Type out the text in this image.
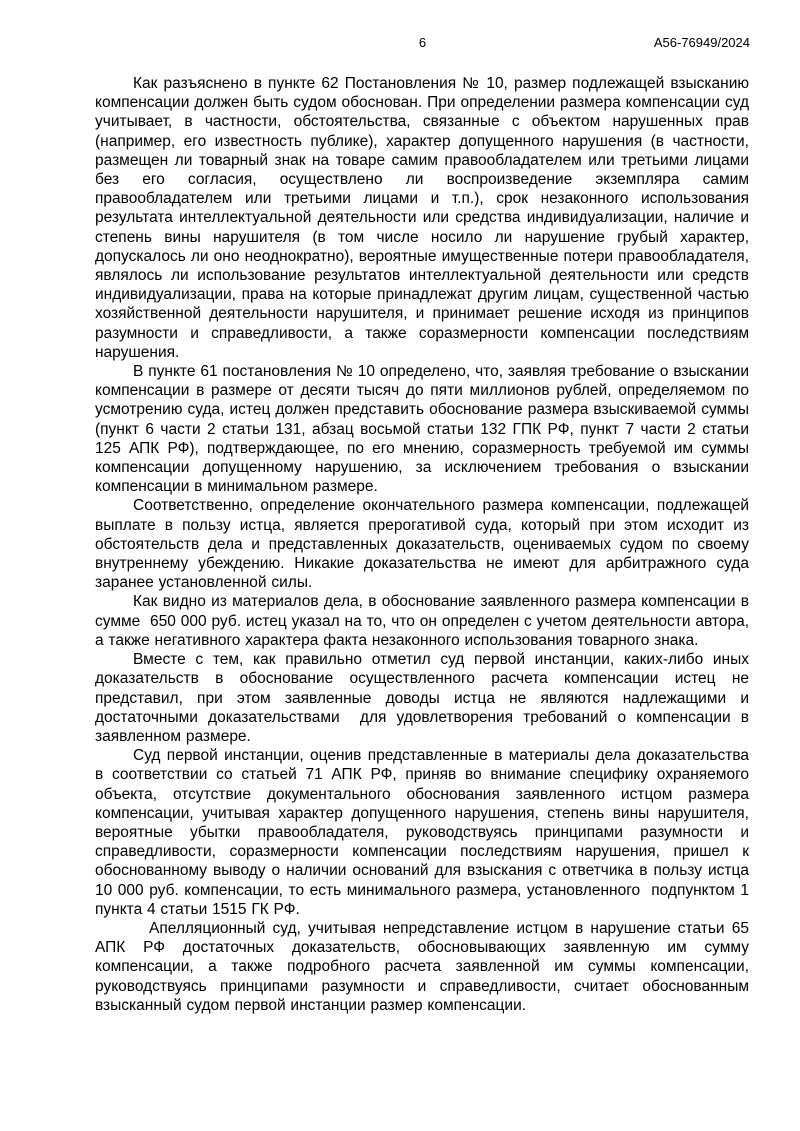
6	А56-76949/2024

Как разъяснено в пункте 62 Постановления № 10, размер подлежащей взысканию компенсации должен быть судом обоснован. При определении размера компенсации суд учитывает, в частности, обстоятельства, связанные с объектом нарушенных прав (например, его известность публике), характер допущенного нарушения (в частности, размещен ли товарный знак на товаре самим правообладателем или третьими лицами без его согласия, осуществлено ли воспроизведение экземпляра самим правообладателем или третьими лицами и т.п.), срок незаконного использования результата интеллектуальной деятельности или средства индивидуализации, наличие и степень вины нарушителя (в том числе носило ли нарушение грубый характер, допускалось ли оно неоднократно), вероятные имущественные потери правообладателя, являлось ли использование результатов интеллектуальной деятельности или средств индивидуализации, права на которые принадлежат другим лицам, существенной частью хозяйственной деятельности нарушителя, и принимает решение исходя из принципов разумности и справедливости, а также соразмерности компенсации последствиям нарушения.

В пункте 61 постановления № 10 определено, что, заявляя требование о взыскании компенсации в размере от десяти тысяч до пяти миллионов рублей, определяемом по усмотрению суда, истец должен представить обоснование размера взыскиваемой суммы (пункт 6 части 2 статьи 131, абзац восьмой статьи 132 ГПК РФ, пункт 7 части 2 статьи 125 АПК РФ), подтверждающее, по его мнению, соразмерность требуемой им суммы компенсации допущенному нарушению, за исключением требования о взыскании компенсации в минимальном размере.

Соответственно, определение окончательного размера компенсации, подлежащей выплате в пользу истца, является прерогативой суда, который при этом исходит из обстоятельств дела и представленных доказательств, оцениваемых судом по своему внутреннему убеждению. Никакие доказательства не имеют для арбитражного суда заранее установленной силы.

Как видно из материалов дела, в обоснование заявленного размера компенсации в сумме  650 000 руб. истец указал на то, что он определен с учетом деятельности автора, а также негативного характера факта незаконного использования товарного знака.

Вместе с тем, как правильно отметил суд первой инстанции, каких-либо иных доказательств в обоснование осуществленного расчета компенсации истец не представил, при этом заявленные доводы истца не являются надлежащими и достаточными доказательствами  для удовлетворения требований о компенсации в заявленном размере.

Суд первой инстанции, оценив представленные в материалы дела доказательства в соответствии со статьей 71 АПК РФ, приняв во внимание специфику охраняемого объекта, отсутствие документального обоснования заявленного истцом размера компенсации, учитывая характер допущенного нарушения, степень вины нарушителя, вероятные убытки правообладателя, руководствуясь принципами разумности и справедливости, соразмерности компенсации последствиям нарушения, пришел к обоснованному выводу о наличии оснований для взыскания с ответчика в пользу истца 10 000 руб. компенсации, то есть минимального размера, установленного  подпунктом 1 пункта 4 статьи 1515 ГК РФ.

Апелляционный суд, учитывая непредставление истцом в нарушение статьи 65 АПК РФ достаточных доказательств, обосновывающих заявленную им сумму компенсации, а также подробного расчета заявленной им суммы компенсации, руководствуясь принципами разумности и справедливости, считает обоснованным взысканный судом первой инстанции размер компенсации.
